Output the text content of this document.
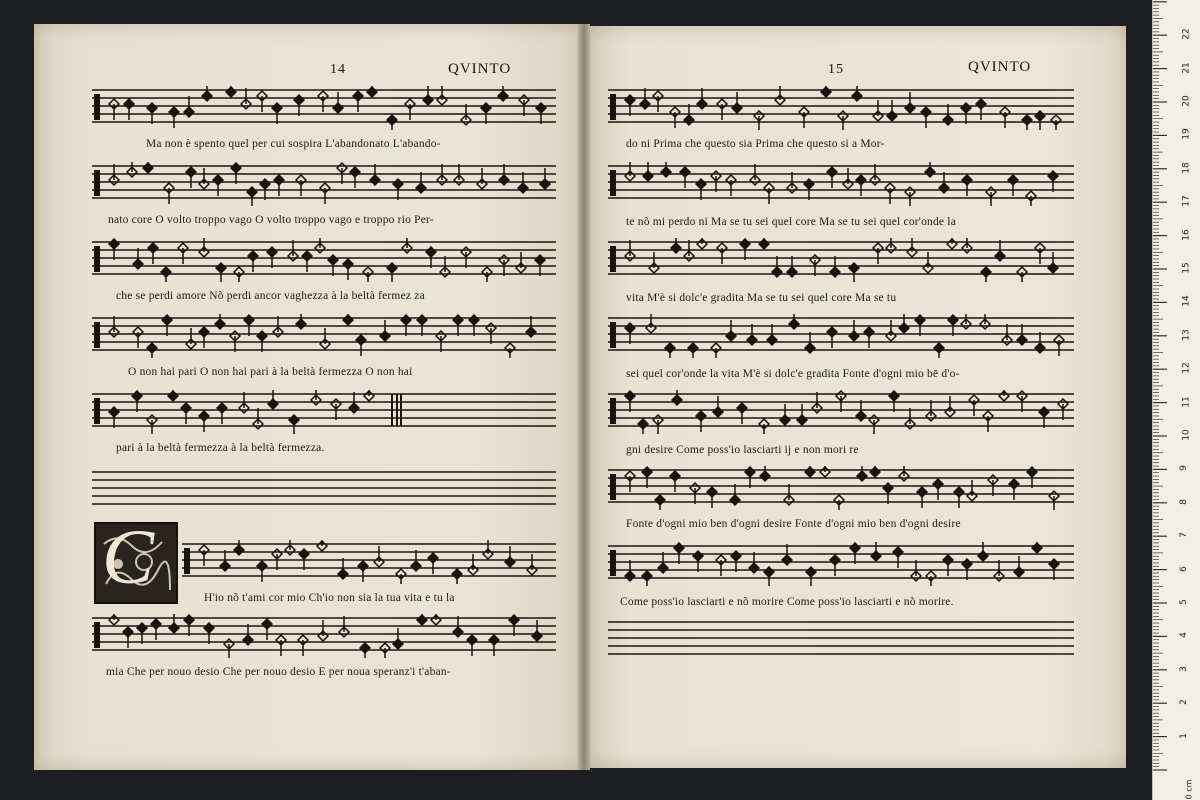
14	QVINTO	15	QVINTO
Ma non è spento quel per cui sospira L'abandonato L'abando-
nato core O volto troppo vago O volto troppo vago e troppo rio Per-
che se perdi amore Nõ perdi ancor vaghezza à la beltà fermez za
O non hai pari O non hai pari à la beltà fermezza O non hai
pari à la beltà fermezza à la beltà fermezza.
C	H'io nõ t'ami cor mio Ch'io non sia la tua vita e tu la
mia Che per nouo desio Che per nouo desio E per noua speranz'i t'aban-
do ni Prima che questo sia Prima che questo si a Mor-
te nõ mi perdo ni Ma se tu sei quel core Ma se tu sei quel cor'onde la
vita M'è si dolc'e gradita Ma se tu sei quel core Ma se tu
sei quel cor'onde la vita M'è si dolc'e gradita Fonte d'ogni mio bē d'o-
gni desire Come poss'io lasciarti ij e non mori re
Fonte d'ogni mio ben d'ogni desire Fonte d'ogni mio ben d'ogni desire
Come poss'io lasciarti e nõ morire Come poss'io lasciarti e nõ morire.
1
2
3
4
5
6
7
8
9
10
11
12
13
14
15
16
17
18
19
20
21
22
0 cm
